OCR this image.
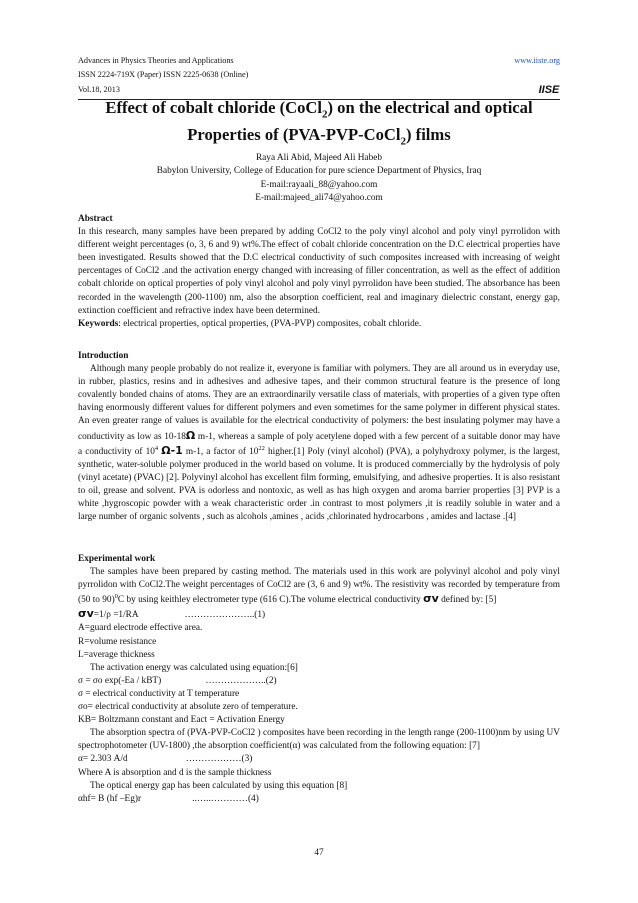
Advances in Physics Theories and Applications
ISSN 2224-719X (Paper) ISSN 2225-0638 (Online)
Vol.18, 2013
www.iiste.org
IISE
Effect of cobalt chloride (CoCl$_2$) on the electrical and optical
Properties of (PVA-PVP-CoCl$_2$) films
Raya Ali Abid, Majeed Ali Habeb
Babylon University, College of Education for pure science Department of Physics, Iraq
E-mail:rayaali_88@yahoo.com
E-mail:majeed_ali74@yahoo.com

Abstract

In this research, many samples have been prepared by adding CoCl2 to the poly vinyl alcohol and poly vinyl pyrrolidon with different weight percentages (o, 3, 6 and 9) wt%.The effect of cobalt chloride concentration on the D.C electrical properties have been investigated. Results showed that the D.C electrical conductivity of such composites increased with increasing of weight percentages of CoCl2 .and the activation energy changed with increasing of filler concentration, as well as the effect of addition cobalt chloride on optical properties of poly vinyl alcohol and poly vinyl pyrrolidon have been studied. The absorbance has been recorded in the wavelength (200-1100) nm, also the absorption coefficient, real and imaginary dielectric constant, energy gap, extinction coefficient and refractive index have been determined.

Keywords: electrical properties, optical properties, (PVA-PVP) composites, cobalt chloride.

Introduction

Although many people probably do not realize it, everyone is familiar with polymers. They are all around us in everyday use, in rubber, plastics, resins and in adhesives and adhesive tapes, and their common structural feature is the presence of long covalently bonded chains of atoms. They are an extraordinarily versatile class of materials, with properties of a given type often having enormously different values for different polymers and even sometimes for the same polymer in different physical states. An even greater range of values is available for the electrical conductivity of polymers: the best insulating polymer may have a conductivity as low as 10-18Ω m-1, whereas a sample of poly acetylene doped with a few percent of a suitable donor may have a conductivity of $10^4$ Ω-1 m-1, a factor of $10^{22}$ higher.[1] Poly (vinyl alcohol) (PVA), a polyhydroxy polymer, is the largest, synthetic, water-soluble polymer produced in the world based on volume. It is produced commercially by the hydrolysis of poly (vinyl acetate) (PVAC) [2]. Polyvinyl alcohol has excellent film forming, emulsifying, and adhesive properties. It is also resistant to oil, grease and solvent. PVA is odorless and nontoxic, as well as has high oxygen and aroma barrier properties [3] PVP is a white ,hygroscopic powder with a weak characteristic order .in contrast to most polymers ,it is readily soluble in water and a large number of organic solvents , such as alcohols ,amines , acids ,chlorinated hydrocarbons , amides and lactase .[4]

Experimental work

The samples have been prepared by casting method. The materials used in this work are polyvinyl alcohol and poly vinyl pyrrolidon with CoCl2.The weight percentages of CoCl2 are (3, 6 and 9) wt%. The resistivity was recorded by temperature from (50 to 90)$^0$C by using keithley electrometer type (616 C).The volume electrical conductivity σv defined by: [5]

σv=1/ρ =1/RA                    …………………..(1)

A=guard electrode effective area.

R=volume resistance

L=average thickness

The activation energy was calculated using equation:[6]

σ = σo exp(-Ea / kBT)                   ………………..(2)

σ = electrical conductivity at T temperature

σo= electrical conductivity at absolute zero of temperature.

KB= Boltzmann constant and Eact = Activation Energy

The absorption spectra of (PVA-PVP-CoCl2 ) composites have been recording in the length range (200-1100)nm by using UV spectrophotometer (UV-1800) ,the absorption coefficient(α) was calculated from the following equation: [7]

α= 2.303 A/d                         ………………(3)

Where A is absorption and d is the sample thickness

The optical energy gap has been calculated by using this equation [8]

αhf= B (hf –Eg)r                      ..…..…………(4)

47
